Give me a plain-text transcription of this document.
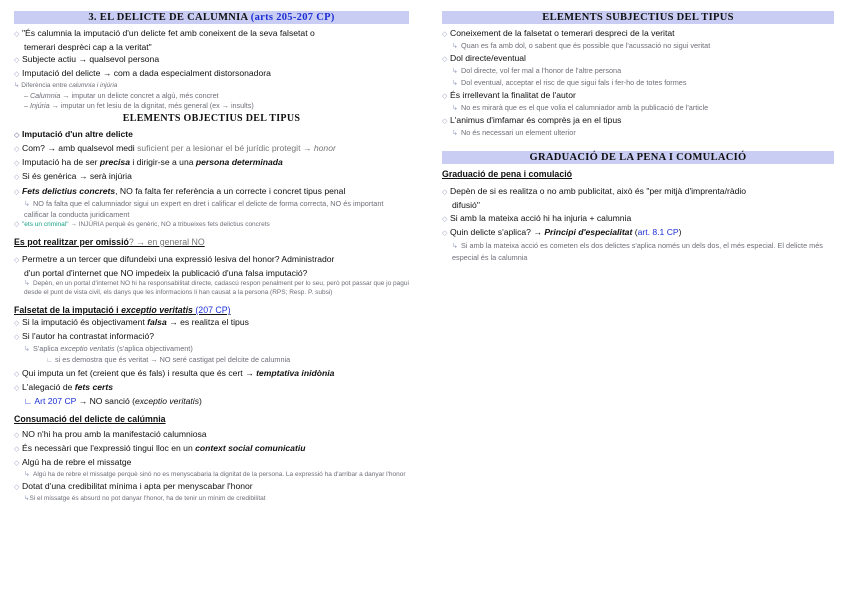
3. EL DELICTE DE CALUMNIA (arts 205-207 CP)
◇ "És calumnia la imputació d'un delicte fet amb coneixent de la seva falsetat o
temerari desprèci cap a la veritat"
◇ Subjecte actiu → qualsevol persona
◇ Imputació del delicte → com a dada especialment distorsonadora
↳ Diferència entre calumnia i injúria
– Calumnia → imputar un delicte concret a algú, més concret
– Injúria → imputar un fet lesiu de la dignitat, més general (ex → insults)
ELEMENTS OBJECTIUS DEL TIPUS
◇ Imputació d'un altre delicte
◇ Com? → amb qualsevol medi suficient per a lesionar el bé jurídic protegit → honor
◇ Imputació ha de ser precisa i dirigir-se a una persona determinada
◇ Si és genèrica → serà injúria
◇ Fets delictius concrets, NO fa falta fer referència a un correcte i concret tipus penal
↳ NO fa falta que el calumniador sigui un expert en dret i calificar el delicte de forma correcta, NO és important calificar la conducta juridicament
◇ "ets un criminal" → INJÚRIA perquè és genèric, NO a tribueixes fets delictius concrets
Es pot realitzar per omissió? → en general NO
◇ Permetre a un tercer que difundeixi una expressió lesiva del honor? Administrador
d'un portal d'internet que NO impedeix la publicació d'una falsa imputació?
↳ Depèn, en un portal d'internet NO hi ha responsabilitat directe, cadascú respon penalment per lo seu, però pot passar que jo pagui desde el punt de vista civil, els danys que les informacions li han causat a la persona (RPS; Resp. P. subsi)
Falsetat de la imputació i exceptio veritatis (207 CP)
◇ Si la imputació és objectivament falsa → es realitza el tipus
◇ Si l'autor ha contrastat informació?
↳ S'aplica exceptio veritatis (s'aplica objectivament)
∟ si es demostra que és veritat → NO seré castigat pel delcite de calumnia
◇ Qui imputa un fet (creient que és fals) i resulta que és cert → temptativa inidònia
◇ L'alegació de fets certs
∟ Art 207 CP → NO sanció (exceptio veritatis)
Consumació del delicte de calúmnia
◇ NO n'hi ha prou amb la manifestació calumniosa
◇ És necessàri que l'expressió tingui lloc en un context social comunicatiu
◇ Algú ha de rebre el missatge
↳ Algú ha de rebre el missatge perquè sinó no es menyscabaria la dignitat de la persona. La expressió ha d'arribar a danyar l'honor
◇ Dotat d'una credibilitat mínima i apta per menyscabar l'honor
↳Si el missatge és absurd no pot danyar l'honor, ha de tenir un mínim de credibilitat
ELEMENTS SUBJECTIUS DEL TIPUS
◇ Coneixement de la falsetat o temerari despreci de la veritat
↳ Quan es fa amb dol, o sabent que és possible que l'acussació no sigui veritat
◇ Dol directe/eventual
↳ Dol directe, vol fer mal a l'honor de l'altre persona
↳ Dol eventual, acceptar el risc de que sigui fals i fer-ho de totes formes
◇ És irrellevant la finalitat de l'autor
↳ No es mirarà que es el que volia el calumniador amb la publicació de l'article
◇ L'animus d'imfamar és comprès ja en el tipus
↳ No és necessari un element ulterior
GRADUACIÓ DE LA PENA I COMULACIÓ
Graduació de pena i comulació
◇ Depèn de si es realitza o no amb publicitat, això és "per mitjà d'imprenta/ràdio
difusió"
◇ Si amb la mateixa acció hi ha injuria + calumnia
◇ Quin delicte s'aplica? → Principi d'especialitat (art. 8.1 CP)
↳ Si amb la mateixa acció es cometen els dos delictes s'aplica només un dels dos, el més especial. El delicte més especial és la calumnia
